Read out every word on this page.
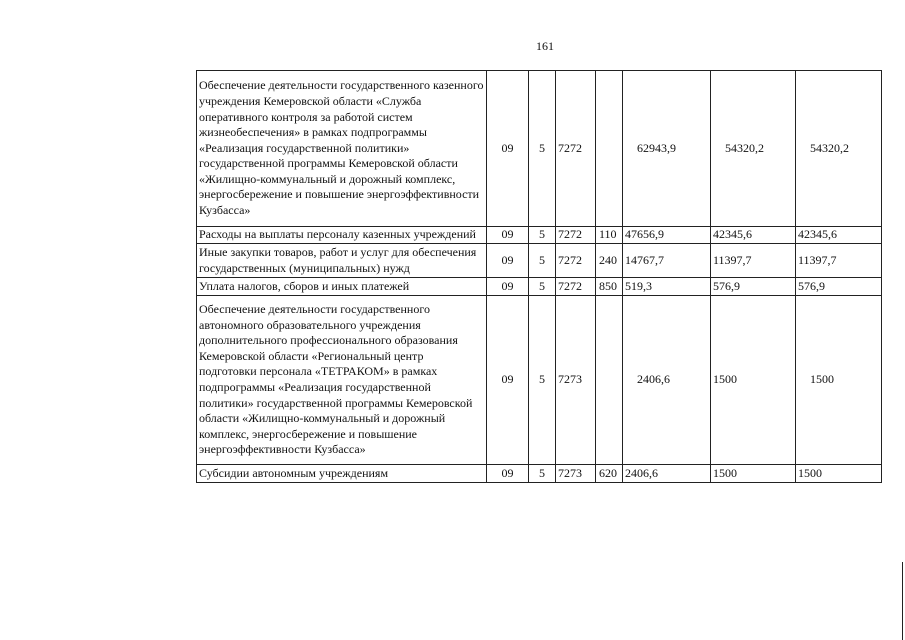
161
Обеспечение деятельности государственного казенного учреждения Кемеровской области «Служба оперативного контроля за работой систем жизнеобеспечения» в рамках подпрограммы «Реализация государственной политики» государственной программы Кемеровской области «Жилищно-коммунальный и дорожный комплекс, энергосбережение и повышение энергоэффективности Кузбасса»	09	5	7272		62943,9	54320,2	54320,2
Расходы на выплаты персоналу казенных учреждений	09	5	7272	110	47656,9	42345,6	42345,6
Иные закупки товаров, работ и услуг для обеспечения государственных (муниципальных) нужд	09	5	7272	240	14767,7	11397,7	11397,7
Уплата налогов, сборов и иных платежей	09	5	7272	850	519,3	576,9	576,9
Обеспечение деятельности государственного автономного образовательного учреждения дополнительного профессионального образования Кемеровской области «Региональный центр подготовки персонала «ТЕТРАКОМ» в рамках подпрограммы «Реализация государственной политики» государственной программы Кемеровской области «Жилищно-коммунальный и дорожный комплекс, энергосбережение и повышение энергоэффективности Кузбасса»	09	5	7273		2406,6	1500	1500
Субсидии автономным учреждениям	09	5	7273	620	2406,6	1500	1500
